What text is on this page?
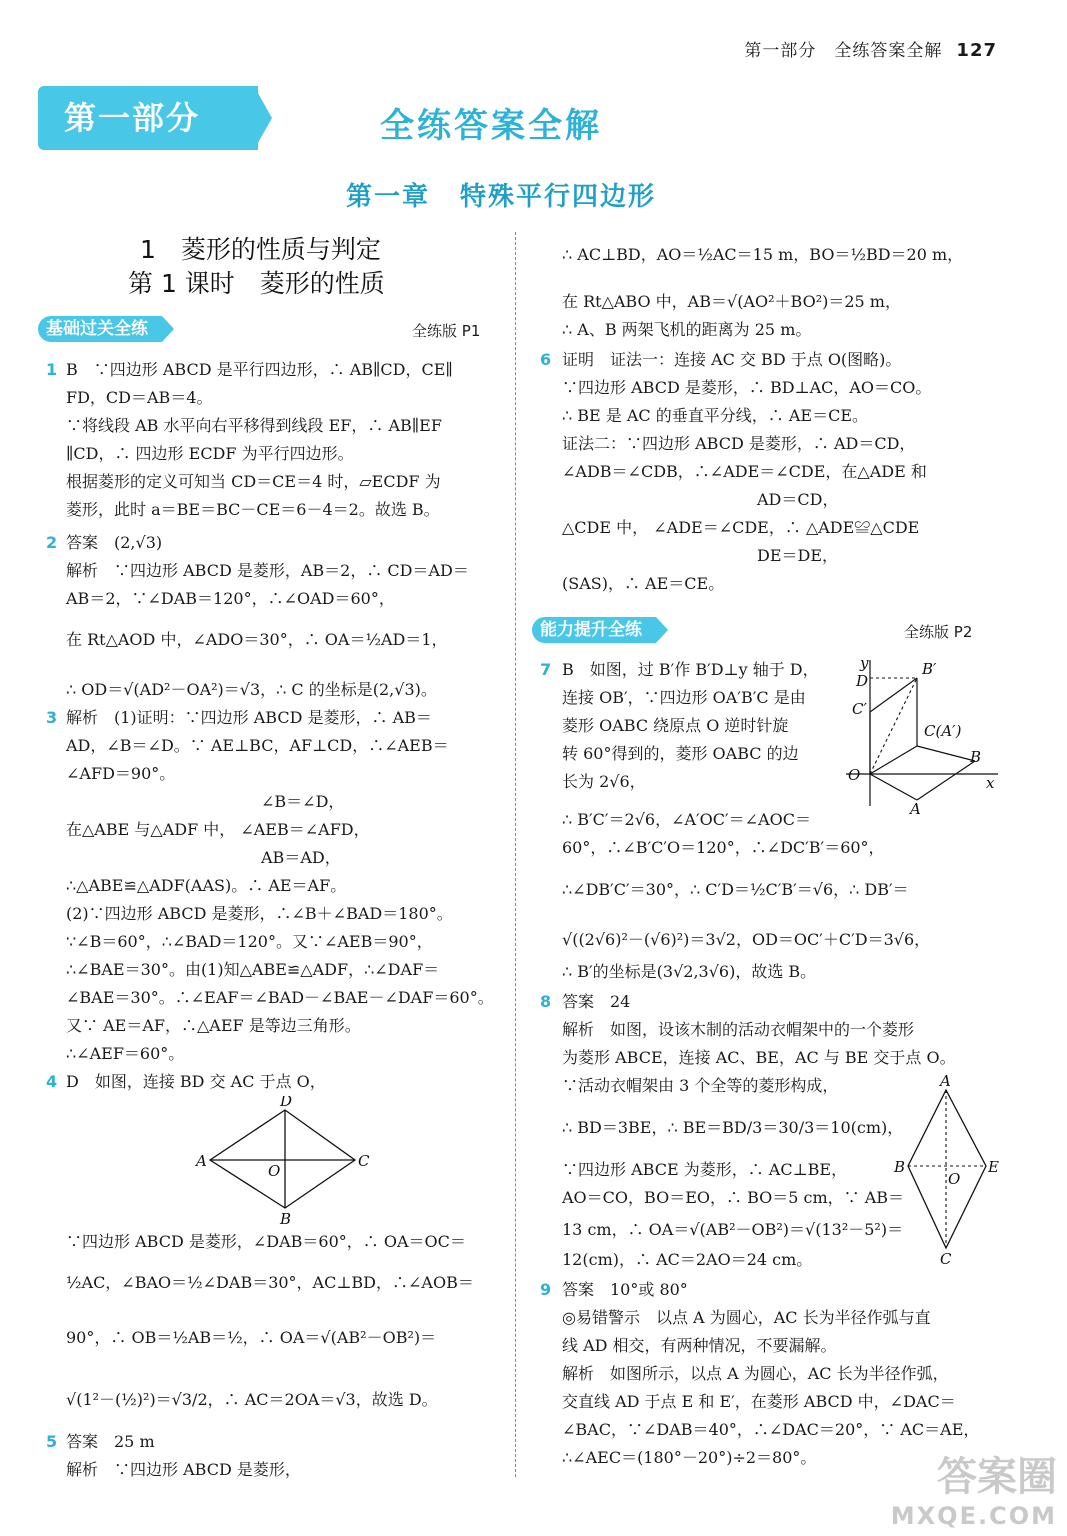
第一部分　全练答案全解 127
第一部分	全练答案全解
第一章 特殊平行四边形
1　菱形的性质与判定
第 1 课时　菱形的性质
基础过关全练	全练版 P1
能力提升全练	全练版 P2
1 B　∵四边形 ABCD 是平行四边形，∴ AB∥CD，CE∥
FD，CD＝AB＝4。
∵将线段 AB 水平向右平移得到线段 EF，∴ AB∥EF
∥CD，∴ 四边形 ECDF 为平行四边形。
根据菱形的定义可知当 CD＝CE＝4 时，▱ECDF 为
菱形，此时 a＝BE＝BC－CE＝6－4＝2。故选 B。
2 答案　(2,√3)
解析　∵四边形 ABCD 是菱形，AB＝2，∴ CD＝AD＝
AB＝2，∵∠DAB＝120°，∴∠OAD＝60°，
在 Rt△AOD 中，∠ADO＝30°，∴ OA＝½AD＝1，
∴ OD＝√(AD²－OA²)＝√3，∴ C 的坐标是(2,√3)。
3 解析　(1)证明：∵四边形 ABCD 是菱形，∴ AB＝
AD，∠B＝∠D。∵ AE⊥BC，AF⊥CD，∴∠AEB＝
∠AFD＝90°。
∠B＝∠D，
在△ABE 与△ADF 中， ∠AEB＝∠AFD，
AB＝AD，
∴△ABE≌△ADF(AAS)。∴ AE＝AF。
(2)∵四边形 ABCD 是菱形，∴∠B＋∠BAD＝180°。
∵∠B＝60°，∴∠BAD＝120°。又∵∠AEB＝90°，
∴∠BAE＝30°。由(1)知△ABE≌△ADF，∴∠DAF＝
∠BAE＝30°。∴∠EAF＝∠BAD－∠BAE－∠DAF＝60°。
又∵ AE＝AF，∴△AEF 是等边三角形。
∴∠AEF＝60°。
4 D　如图，连接 BD 交 AC 于点 O，
∵四边形 ABCD 是菱形，∠DAB＝60°，∴ OA＝OC＝
½AC，∠BAO＝½∠DAB＝30°，AC⊥BD，∴∠AOB＝
90°，∴ OB＝½AB＝½，∴ OA＝√(AB²－OB²)＝
√(1²－(½)²)＝√3/2，∴ AC＝2OA＝√3，故选 D。
5 答案　25 m
解析　∵四边形 ABCD 是菱形，
∴ AC⊥BD，AO＝½AC＝15 m，BO＝½BD＝20 m，
在 Rt△ABO 中，AB＝√(AO²＋BO²)＝25 m，
∴ A、B 两架飞机的距离为 25 m。
6 证明　证法一：连接 AC 交 BD 于点 O(图略)。
∵四边形 ABCD 是菱形，∴ BD⊥AC，AO＝CO。
∴ BE 是 AC 的垂直平分线，∴ AE＝CE。
证法二：∵四边形 ABCD 是菱形，∴ AD＝CD，
∠ADB＝∠CDB，∴∠ADE＝∠CDE，在△ADE 和
AD＝CD，
△CDE 中， ∠ADE＝∠CDE，∴ △ADE≌△CDE
DE＝DE，
(SAS)，∴ AE＝CE。
7 B　如图，过 B′作 B′D⊥y 轴于 D，
连接 OB′，∵四边形 OA′B′C 是由
菱形 OABC 绕原点 O 逆时针旋
转 60°得到的，菱形 OABC 的边
长为 2√6，
∴ B′C′＝2√6，∠A′OC′＝∠AOC＝
60°，∴∠B′C′O＝120°，∴∠DC′B′＝60°，
∴∠DB′C′＝30°，∴ C′D＝½C′B′＝√6，∴ DB′＝
√((2√6)²－(√6)²)＝3√2，OD＝OC′＋C′D＝3√6，
∴ B′的坐标是(3√2,3√6)，故选 B。
8 答案　24
解析　如图，设该木制的活动衣帽架中的一个菱形
为菱形 ABCE，连接 AC、BE，AC 与 BE 交于点 O。
∵活动衣帽架由 3 个全等的菱形构成，
∴ BD＝3BE，∴ BE＝BD/3＝30/3＝10(cm)，
∵四边形 ABCE 为菱形，∴ AC⊥BE，
AO＝CO，BO＝EO，∴ BO＝5 cm，∵ AB＝
13 cm，∴ OA＝√(AB²－OB²)＝√(13²－5²)＝
12(cm)，∴ AC＝2AO＝24 cm。
9 答案　10°或 80°
◎易错警示　以点 A 为圆心，AC 长为半径作弧与直
线 AD 相交，有两种情况，不要漏解。
解析　如图所示，以点 A 为圆心，AC 长为半径作弧，
交直线 AD 于点 E 和 E′，在菱形 ABCD 中，∠DAC＝
∠BAC，∵∠DAB＝40°，∴∠DAC＝20°，∵ AC＝AE，
∴∠AEC＝(180°－20°)÷2＝80°。
A
D
C
B
O
y
x
B′
D
C′
C(A′)
B
O
A
A
B	E
O
C
答案圈
MXQE.COM
